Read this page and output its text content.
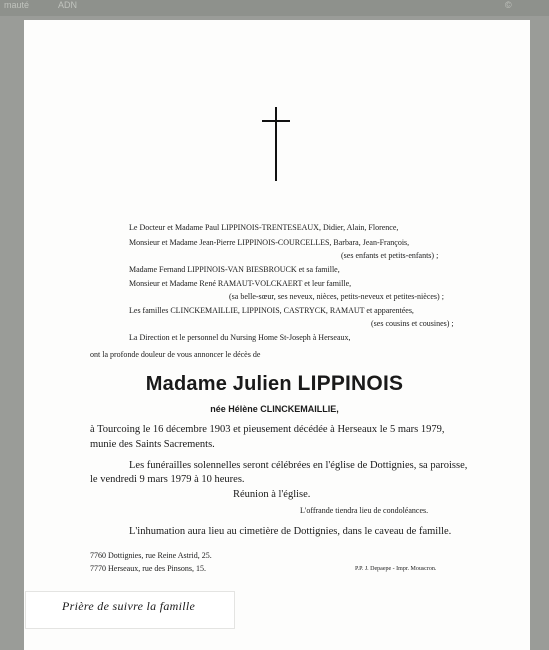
mauté	ADN	©
Le Docteur et Madame Paul LIPPINOIS-TRENTESEAUX, Didier, Alain, Florence,
Monsieur et Madame Jean-Pierre LIPPINOIS-COURCELLES, Barbara, Jean-François,
(ses enfants et petits-enfants) ;
Madame Fernand LIPPINOIS-VAN BIESBROUCK et sa famille,
Monsieur et Madame René RAMAUT-VOLCKAERT et leur famille,
(sa belle-sœur, ses neveux, nièces, petits-neveux et petites-nièces) ;
Les familles CLINCKEMAILLIE, LIPPINOIS, CASTRYCK, RAMAUT et apparentées,
(ses cousins et cousines) ;
La Direction et le personnel du Nursing Home St-Joseph à Herseaux,
ont la profonde douleur de vous annoncer le décès de
Madame Julien LIPPINOIS
née Hélène CLINCKEMAILLIE,
à Tourcoing le 16 décembre 1903 et pieusement décédée à Herseaux le 5 mars 1979,
munie des Saints Sacrements.
Les funérailles solennelles seront célébrées en l'église de Dottignies, sa paroisse,
le vendredi 9 mars 1979 à 10 heures.
Réunion à l'église.
L'offrande tiendra lieu de condoléances.
L'inhumation aura lieu au cimetière de Dottignies, dans le caveau de famille.
7760 Dottignies, rue Reine Astrid, 25.
7770 Herseaux, rue des Pinsons, 15.	P.P. J. Depaepe - Impr. Mouscron.
Prière de suivre la famille
